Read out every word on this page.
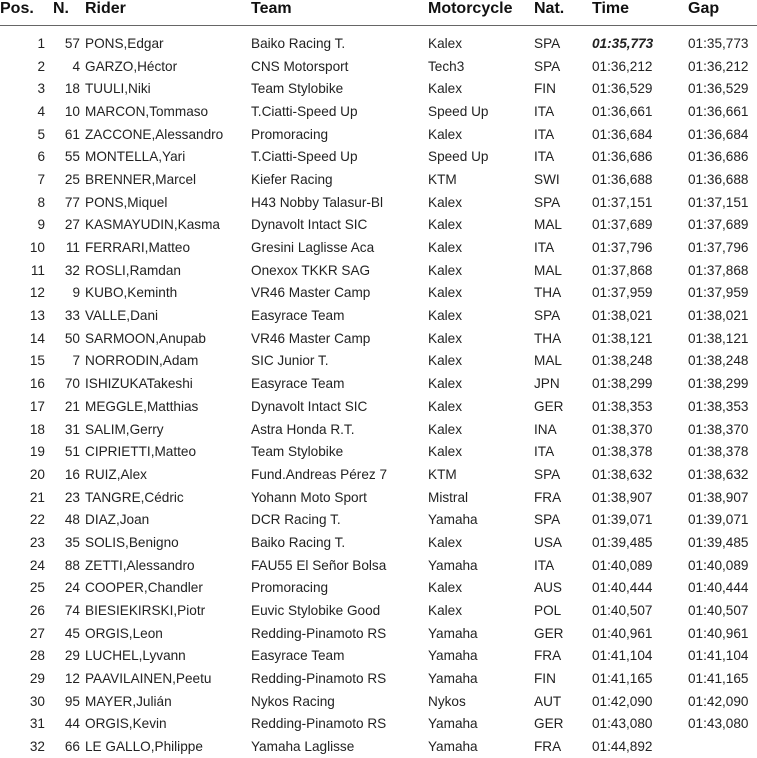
Pos.	N.	Rider	Team	Motorcycle	Nat.	Time	Gap

1	57	PONS,Edgar	Baiko Racing T.	Kalex	SPA	01:35,773	01:35,773
2	4	GARZO,Héctor	CNS Motorsport	Tech3	SPA	01:36,212	01:36,212
3	18	TUULI,Niki	Team Stylobike	Kalex	FIN	01:36,529	01:36,529
4	10	MARCON,Tommaso	T.Ciatti-Speed Up	Speed Up	ITA	01:36,661	01:36,661
5	61	ZACCONE,Alessandro	Promoracing	Kalex	ITA	01:36,684	01:36,684
6	55	MONTELLA,Yari	T.Ciatti-Speed Up	Speed Up	ITA	01:36,686	01:36,686
7	25	BRENNER,Marcel	Kiefer Racing	KTM	SWI	01:36,688	01:36,688
8	77	PONS,Miquel	H43 Nobby Talasur-Bl	Kalex	SPA	01:37,151	01:37,151
9	27	KASMAYUDIN,Kasma	Dynavolt Intact SIC	Kalex	MAL	01:37,689	01:37,689
10	11	FERRARI,Matteo	Gresini Laglisse Aca	Kalex	ITA	01:37,796	01:37,796
11	32	ROSLI,Ramdan	Onexox TKKR SAG	Kalex	MAL	01:37,868	01:37,868
12	9	KUBO,Keminth	VR46 Master Camp	Kalex	THA	01:37,959	01:37,959
13	33	VALLE,Dani	Easyrace Team	Kalex	SPA	01:38,021	01:38,021
14	50	SARMOON,Anupab	VR46 Master Camp	Kalex	THA	01:38,121	01:38,121
15	7	NORRODIN,Adam	SIC Junior T.	Kalex	MAL	01:38,248	01:38,248
16	70	ISHIZUKATakeshi	Easyrace Team	Kalex	JPN	01:38,299	01:38,299
17	21	MEGGLE,Matthias	Dynavolt Intact SIC	Kalex	GER	01:38,353	01:38,353
18	31	SALIM,Gerry	Astra Honda R.T.	Kalex	INA	01:38,370	01:38,370
19	51	CIPRIETTI,Matteo	Team Stylobike	Kalex	ITA	01:38,378	01:38,378
20	16	RUIZ,Alex	Fund.Andreas Pérez 7	KTM	SPA	01:38,632	01:38,632
21	23	TANGRE,Cédric	Yohann Moto Sport	Mistral	FRA	01:38,907	01:38,907
22	48	DIAZ,Joan	DCR Racing T.	Yamaha	SPA	01:39,071	01:39,071
23	35	SOLIS,Benigno	Baiko Racing T.	Kalex	USA	01:39,485	01:39,485
24	88	ZETTI,Alessandro	FAU55 El Señor Bolsa	Yamaha	ITA	01:40,089	01:40,089
25	24	COOPER,Chandler	Promoracing	Kalex	AUS	01:40,444	01:40,444
26	74	BIESIEKIRSKI,Piotr	Euvic Stylobike Good	Kalex	POL	01:40,507	01:40,507
27	45	ORGIS,Leon	Redding-Pinamoto RS	Yamaha	GER	01:40,961	01:40,961
28	29	LUCHEL,Lyvann	Easyrace Team	Yamaha	FRA	01:41,104	01:41,104
29	12	PAAVILAINEN,Peetu	Redding-Pinamoto RS	Yamaha	FIN	01:41,165	01:41,165
30	95	MAYER,Julián	Nykos Racing	Nykos	AUT	01:42,090	01:42,090
31	44	ORGIS,Kevin	Redding-Pinamoto RS	Yamaha	GER	01:43,080	01:43,080
32	66	LE GALLO,Philippe	Yamaha Laglisse	Yamaha	FRA	01:44,892	
